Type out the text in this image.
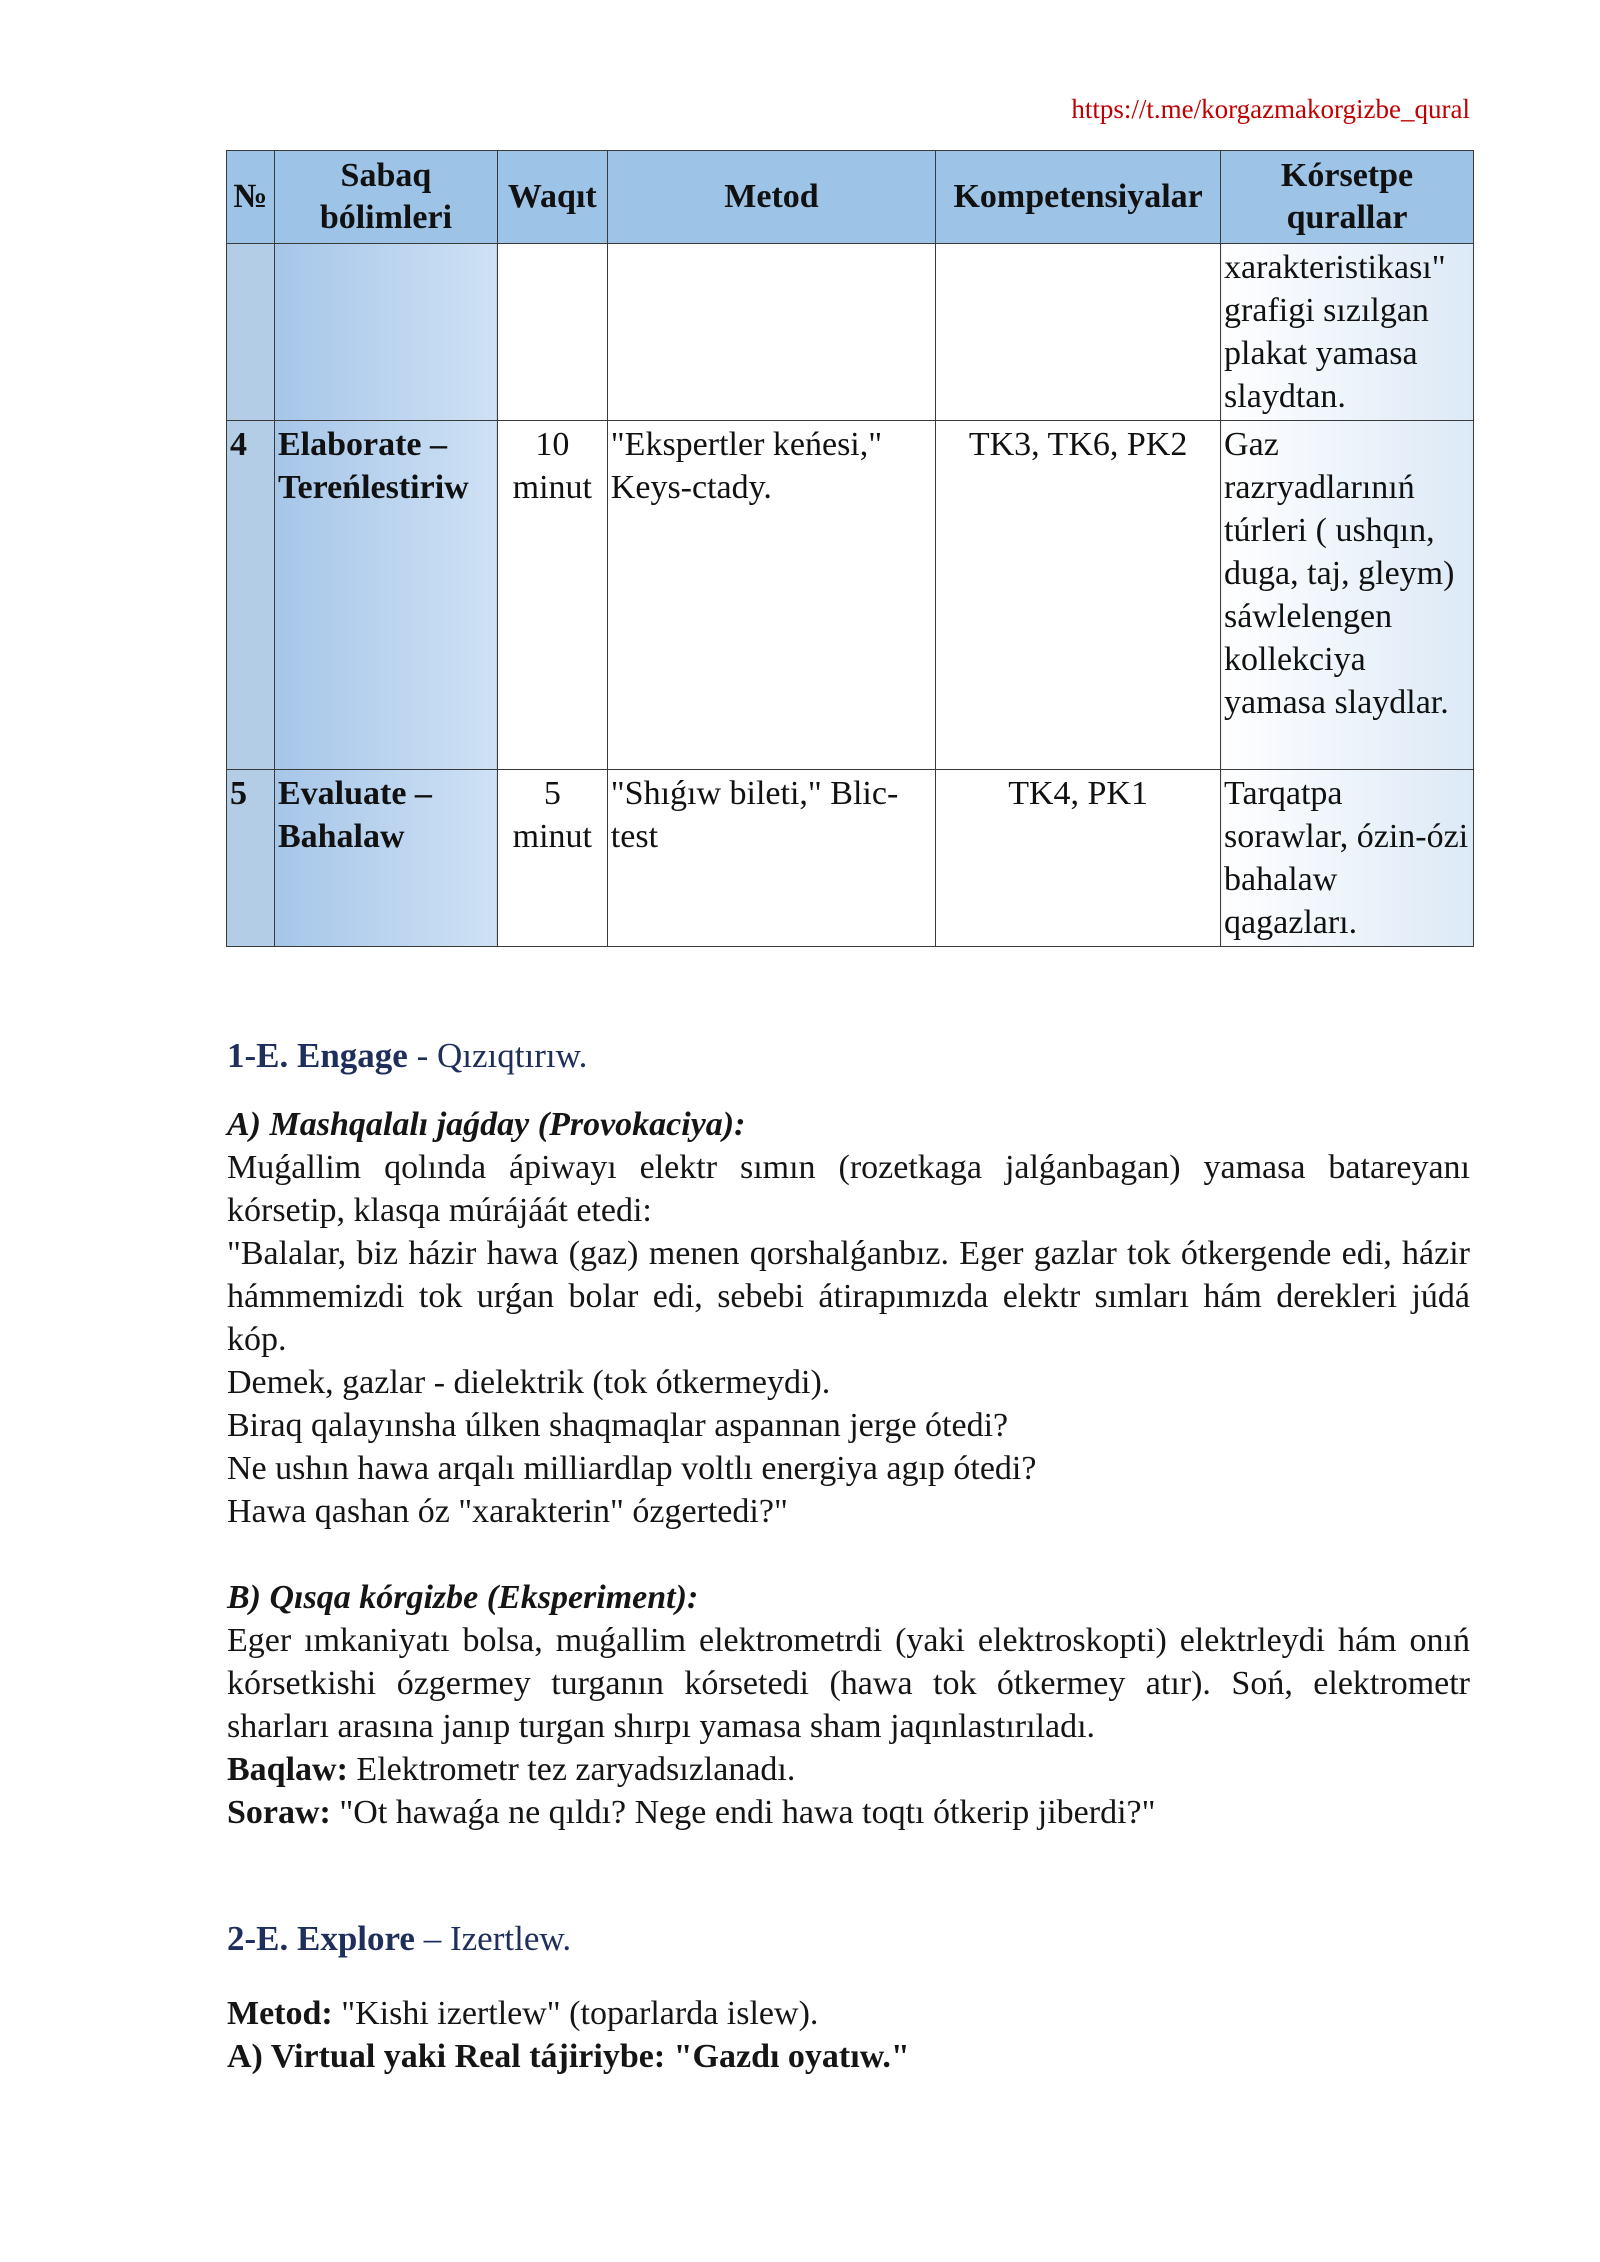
https://t.me/korgazmakorgizbe_qural
№	Sabaq bólimleri	Waqıt	Metod	Kompetensiyalar	Kórsetpe qurallar
					xarakteristikası" grafigi sızılgan plakat yamasa slaydtan.
4	Elaborate – Tereńlestiriw	10 minut	"Ekspertler keńesi," Keys-ctady.	TK3, TK6, PK2	Gaz razryadlarınıń túrleri ( ushqın, duga, taj, gleym) sáwlelengen kollekciya yamasa slaydlar.
5	Evaluate – Bahalaw	5 minut	"Shıǵıw bileti," Blic-test	TK4, PK1	Tarqatpa sorawlar, ózin-ózi bahalaw qagazları.
1-E. Engage - Qızıqtırıw.

A) Mashqalalı jaǵday (Provokaciya):

Muǵallim qolında ápiwayı elektr sımın (rozetkaga jalǵanbagan) yamasa batareyanı kórsetip, klasqa múrájáát etedi:

"Balalar, biz házir hawa (gaz) menen qorshalǵanbız. Eger gazlar tok ótkergende edi, házir hámmemizdi tok urǵan bolar edi, sebebi átirapımızda elektr sımları hám derekleri júdá kóp.

Demek, gazlar - dielektrik (tok ótkermeydi).

Biraq qalayınsha úlken shaqmaqlar aspannan jerge ótedi?

Ne ushın hawa arqalı milliardlap voltlı energiya agıp ótedi?

Hawa qashan óz "xarakterin" ózgertedi?"

B) Qısqa kórgizbe (Eksperiment):

Eger ımkaniyatı bolsa, muǵallim elektrometrdi (yaki elektroskopti) elektrleydi hám onıń kórsetkishi ózgermey turganın kórsetedi (hawa tok ótkermey atır). Soń, elektrometr sharları arasına janıp turgan shırpı yamasa sham jaqınlastırıladı.

Baqlaw: Elektrometr tez zaryadsızlanadı.

Soraw: "Ot hawaǵa ne qıldı? Nege endi hawa toqtı ótkerip jiberdi?"

2-E. Explore – Izertlew.

Metod: "Kishi izertlew" (toparlarda islew).

A) Virtual yaki Real tájiriybe: "Gazdı oyatıw."
